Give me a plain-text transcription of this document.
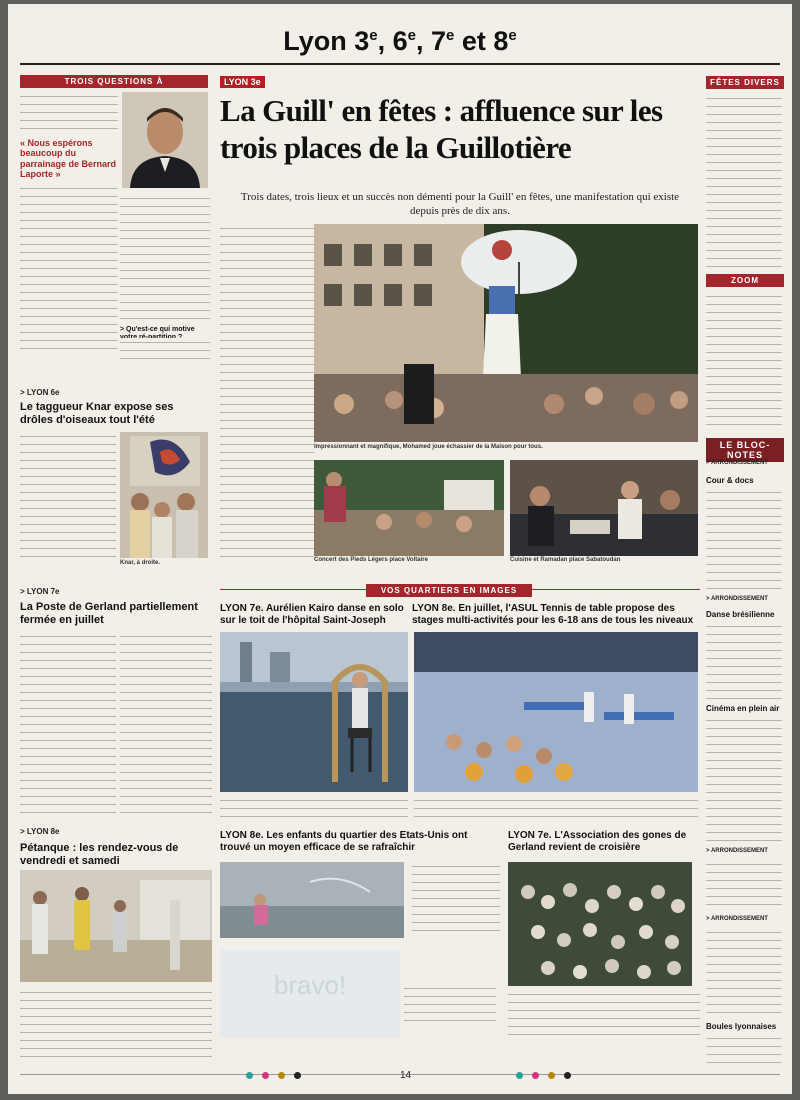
Lyon 3e, 6e, 7e et 8e
TROIS QUESTIONS À
« Nous espérons beaucoup du parrainage de Bernard Laporte »
> Qu'est-ce qui motive
> LYON 6e
Le taggueur Knar expose ses drôles d'oiseaux tout l'été
Knar, à droite.
> LYON 7e
La Poste de Gerland partiellement fermée en juillet
> LYON 8e
Pétanque : les rendez-vous de vendredi et samedi
LYON 3e
La Guill' en fêtes : affluence sur les trois places de la Guillotière
Trois dates, trois lieux et un succès non démenti pour la Guill' en fêtes, une manifestation qui existe depuis près de dix ans.
Impressionnant et magnifique, Mohamed joue échassier de la Maison pour tous.
Concert des Pieds Légers place Voltaire	Cuisine et Ramadan place Sabatoudan
VOS QUARTIERS EN IMAGES
LYON 7e. Aurélien Kairo danse en solo sur le toit de l'hôpital Saint-Joseph
LYON 8e. En juillet, l'ASUL Tennis de table propose des stages multi-activités pour les 6-18 ans de tous les niveaux
LYON 8e. Les enfants du quartier des Etats-Unis ont trouvé un moyen efficace de se rafraîchir
bravo!
LYON 7e. L'Association des gones de Gerland revient de croisière
FÊTES DIVERS
ZOOM
LE BLOC-NOTES
> ARRONDISSEMENT
Cour & docs
> ARRONDISSEMENT
Danse brésilienne
Cinéma en plein air
> ARRONDISSEMENT
> ARRONDISSEMENT
Boules lyonnaises
14
